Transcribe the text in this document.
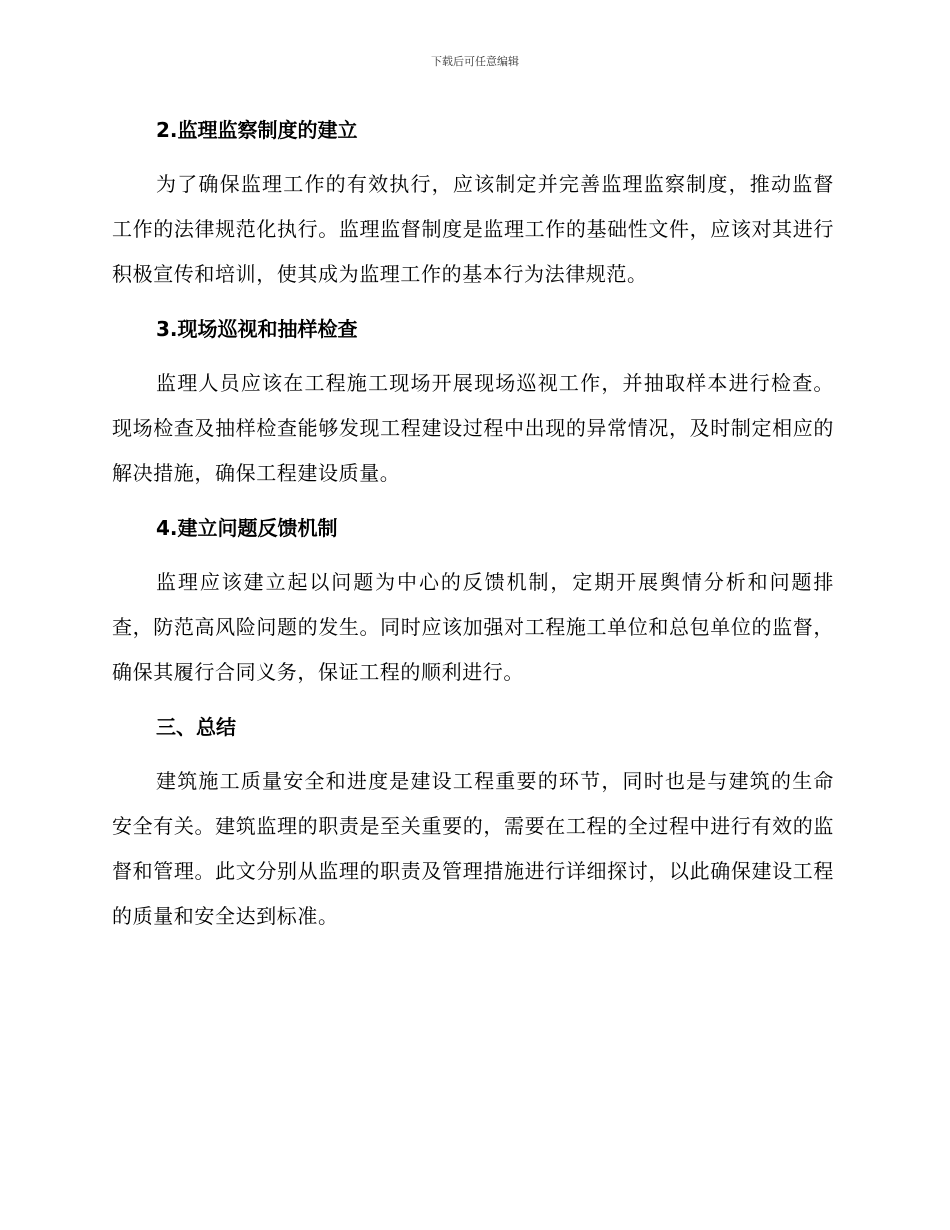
下载后可任意编辑
2.监理监察制度的建立

为了确保监理工作的有效执行，应该制定并完善监理监察制度，推动监督工作的法律规范化执行。监理监督制度是监理工作的基础性文件，应该对其进行积极宣传和培训，使其成为监理工作的基本行为法律规范。

3.现场巡视和抽样检查

监理人员应该在工程施工现场开展现场巡视工作，并抽取样本进行检查。现场检查及抽样检查能够发现工程建设过程中出现的异常情况，及时制定相应的解决措施，确保工程建设质量。

4.建立问题反馈机制

监理应该建立起以问题为中心的反馈机制，定期开展舆情分析和问题排查，防范高风险问题的发生。同时应该加强对工程施工单位和总包单位的监督，确保其履行合同义务，保证工程的顺利进行。

三、总结

建筑施工质量安全和进度是建设工程重要的环节，同时也是与建筑的生命安全有关。建筑监理的职责是至关重要的，需要在工程的全过程中进行有效的监督和管理。此文分别从监理的职责及管理措施进行详细探讨，以此确保建设工程的质量和安全达到标准。
